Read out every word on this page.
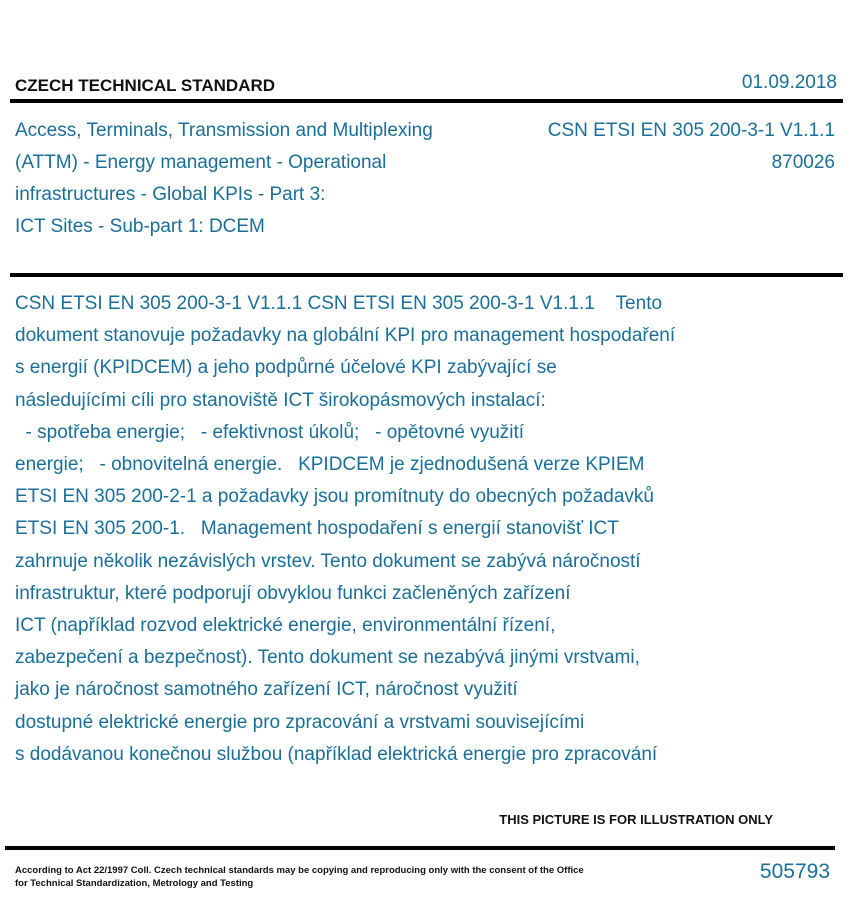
CZECH TECHNICAL STANDARD	01.09.2018
Access, Terminals, Transmission and Multiplexing
(ATTM) - Energy management - Operational
infrastructures - Global KPIs - Part 3:
ICT Sites - Sub-part 1: DCEM
CSN ETSI EN 305 200-3-1 V1.1.1
870026
CSN ETSI EN 305 200-3-1 V1.1.1 CSN ETSI EN 305 200-3-1 V1.1.1    Tento
dokument stanovuje požadavky na globální KPI pro management hospodaření
s energií (KPIDCEM) a jeho podpůrné účelové KPI zabývající se
následujícími cíli pro stanoviště ICT širokopásmových instalací:
- spotřeba energie;   - efektivnost úkolů;   - opětovné využití
energie;   - obnovitelná energie.   KPIDCEM je zjednodušená verze KPIEM
ETSI EN 305 200-2-1 a požadavky jsou promítnuty do obecných požadavků
ETSI EN 305 200-1.   Management hospodaření s energií stanovišť ICT
zahrnuje několik nezávislých vrstev. Tento dokument se zabývá náročností
infrastruktur, které podporují obvyklou funkci začleněných zařízení
ICT (například rozvod elektrické energie, environmentální řízení,
zabezpečení a bezpečnost). Tento dokument se nezabývá jinými vrstvami,
jako je náročnost samotného zařízení ICT, náročnost využití
dostupné elektrické energie pro zpracování a vrstvami souvisejícími
s dodávanou konečnou službou (například elektrická energie pro zpracování
THIS PICTURE IS FOR ILLUSTRATION ONLY
According to Act 22/1997 Coll. Czech technical standards may be copying and reproducing only with the consent of the Office
for Technical Standardization, Metrology and Testing
505793
